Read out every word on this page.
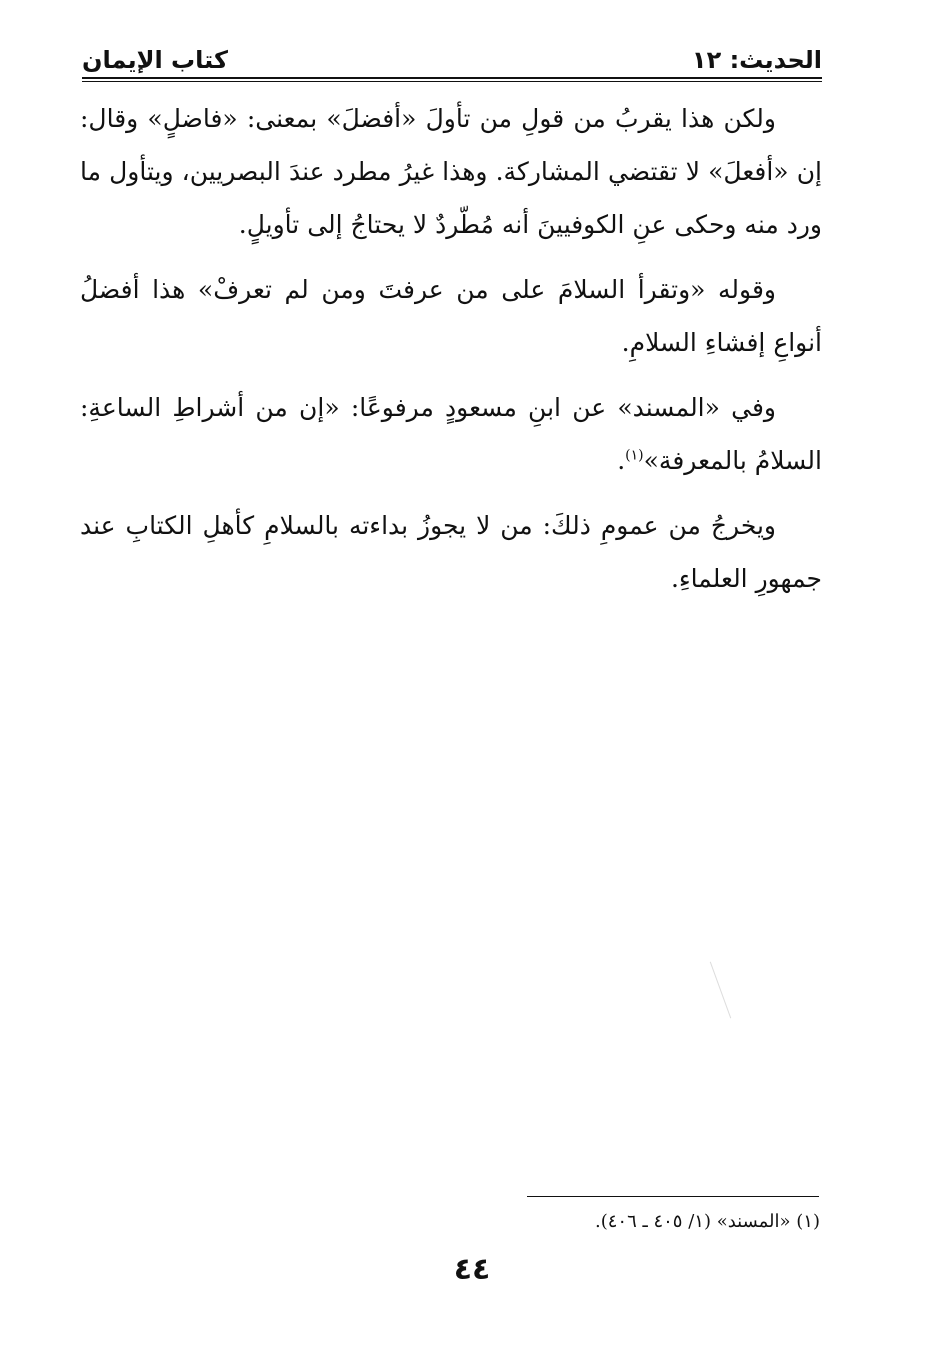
الحديث: ١٢
كتاب الإيمان

ولكن هذا يقربُ من قولِ من تأولَ «أفضلَ» بمعنى: «فاضلٍ» وقال: إن «أفعلَ» لا تقتضي المشاركة. وهذا غيرُ مطرد عندَ البصريين، ويتأول ما ورد منه وحكى عنِ الكوفيينَ أنه مُطّردٌ لا يحتاجُ إلى تأويلٍ.

وقوله «وتقرأ السلامَ على من عرفتَ ومن لم تعرفْ» هذا أفضلُ أنواعِ إفشاءِ السلامِ.

وفي «المسند» عن ابنِ مسعودٍ مرفوعًا: «إن من أشراطِ الساعةِ: السلامُ بالمعرفة»$^{(١)}$.

ويخرجُ من عمومِ ذلكَ: من لا يجوزُ بداءته بالسلامِ كأهلِ الكتابِ عند جمهورِ العلماءِ.

(١) «المسند» (١/ ٤٠٥ ـ ٤٠٦).
٤٤
